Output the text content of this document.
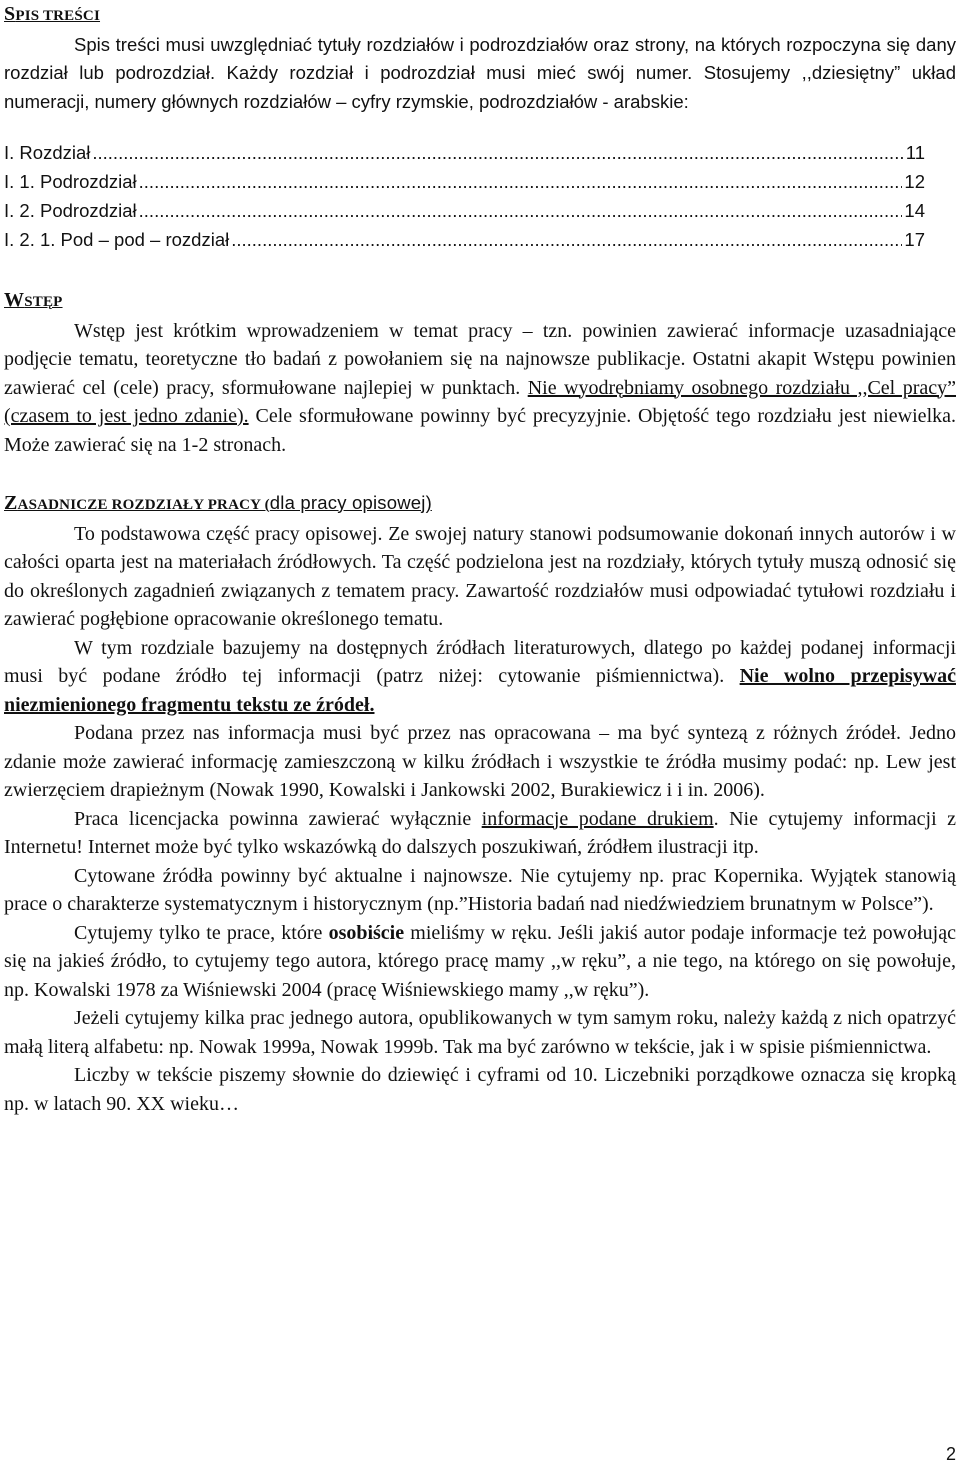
SPIS TREŚCI

Spis treści musi uwzględniać tytuły rozdziałów i podrozdziałów oraz strony, na których rozpoczyna się dany rozdział lub podrozdział. Każdy rozdział i podrozdział musi mieć swój numer. Stosujemy ,,dziesiętny” układ numeracji, numery głównych rozdziałów – cyfry rzymskie, podrozdziałów - arabskie:

I. Rozdział .....	11
I. 1. Podrozdział .....	12
I. 2. Podrozdział .....	14
I. 2. 1. Pod – pod – rozdział .....	17
WSTĘP

Wstęp jest krótkim wprowadzeniem w temat pracy – tzn. powinien zawierać informacje uzasadniające podjęcie tematu, teoretyczne tło badań z powołaniem się na najnowsze publikacje. Ostatni akapit Wstępu powinien zawierać cel (cele) pracy, sformułowane najlepiej w punktach. Nie wyodrębniamy osobnego rozdziału ,,Cel pracy” (czasem to jest jedno zdanie). Cele sformułowane powinny być precyzyjnie. Objętość tego rozdziału jest niewielka. Może zawierać się na 1-2 stronach.

ZASADNICZE ROZDZIAŁY PRACY (dla pracy opisowej)

To podstawowa część pracy opisowej. Ze swojej natury stanowi podsumowanie dokonań innych autorów i w całości oparta jest na materiałach źródłowych. Ta część podzielona jest na rozdziały, których tytuły muszą odnosić się do określonych zagadnień związanych z tematem pracy. Zawartość rozdziałów musi odpowiadać tytułowi rozdziału i zawierać pogłębione opracowanie określonego tematu.

W tym rozdziale bazujemy na dostępnych źródłach literaturowych, dlatego po każdej podanej informacji musi być podane źródło tej informacji (patrz niżej: cytowanie piśmiennictwa). Nie wolno przepisywać niezmienionego fragmentu tekstu ze źródeł.

Podana przez nas informacja musi być przez nas opracowana – ma być syntezą z różnych źródeł. Jedno zdanie może zawierać informację zamieszczoną w kilku źródłach i wszystkie te źródła musimy podać: np. Lew jest zwierzęciem drapieżnym (Nowak 1990, Kowalski i Jankowski 2002, Burakiewicz i i in. 2006).

Praca licencjacka powinna zawierać wyłącznie informacje podane drukiem. Nie cytujemy informacji z Internetu! Internet może być tylko wskazówką do dalszych poszukiwań, źródłem ilustracji itp.

Cytowane źródła powinny być aktualne i najnowsze. Nie cytujemy np. prac Kopernika. Wyjątek stanowią prace o charakterze systematycznym i historycznym (np.”Historia badań nad niedźwiedziem brunatnym w Polsce”).

Cytujemy tylko te prace, które osobiście mieliśmy w ręku. Jeśli jakiś autor podaje informacje też powołując się na jakieś źródło, to cytujemy tego autora, którego pracę mamy ,,w ręku”, a nie tego, na którego on się powołuje, np. Kowalski 1978 za Wiśniewski 2004 (pracę Wiśniewskiego mamy ,,w ręku”).

Jeżeli cytujemy kilka prac jednego autora, opublikowanych w tym samym roku, należy każdą z nich opatrzyć małą literą alfabetu: np. Nowak 1999a, Nowak 1999b. Tak ma być zarówno w tekście, jak i w spisie piśmiennictwa.

Liczby w tekście piszemy słownie do dziewięć i cyframi od 10. Liczebniki porządkowe oznacza się kropką np. w latach 90. XX wieku…

2
